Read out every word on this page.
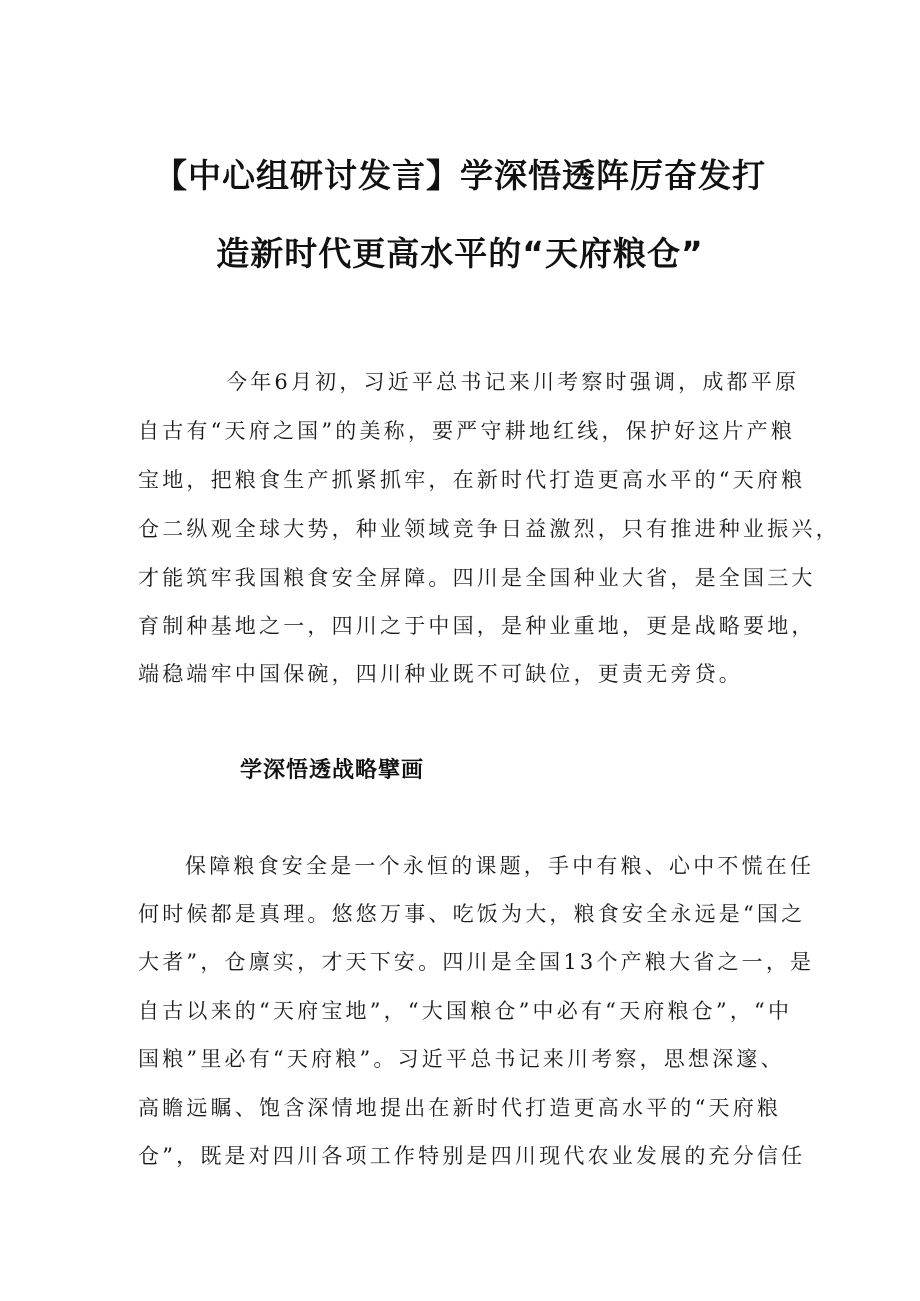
【中心组研讨发言】学深悟透阵厉奋发打
造新时代更高水平的“天府粮仓”
今年6月初，习近平总书记来川考察时强调，成都平原
自古有“天府之国”的美称，要严守耕地红线，保护好这片产粮
宝地，把粮食生产抓紧抓牢，在新时代打造更高水平的“天府粮
仓二纵观全球大势，种业领域竞争日益激烈，只有推进种业振兴，
才能筑牢我国粮食安全屏障。四川是全国种业大省，是全国三大
育制种基地之一，四川之于中国，是种业重地，更是战略要地，
端稳端牢中国保碗，四川种业既不可缺位，更责无旁贷。
学深悟透战略擘画
保障粮食安全是一个永恒的课题，手中有粮、心中不慌在任
何时候都是真理。悠悠万事、吃饭为大，粮食安全永远是“国之
大者”，仓廪实，才天下安。四川是全国13个产粮大省之一，是
自古以来的“天府宝地”，“大国粮仓”中必有“天府粮仓”，“中
国粮”里必有“天府粮”。习近平总书记来川考察，思想深邃、
高瞻远瞩、饱含深情地提出在新时代打造更高水平的“天府粮
仓”，既是对四川各项工作特别是四川现代农业发展的充分信任
